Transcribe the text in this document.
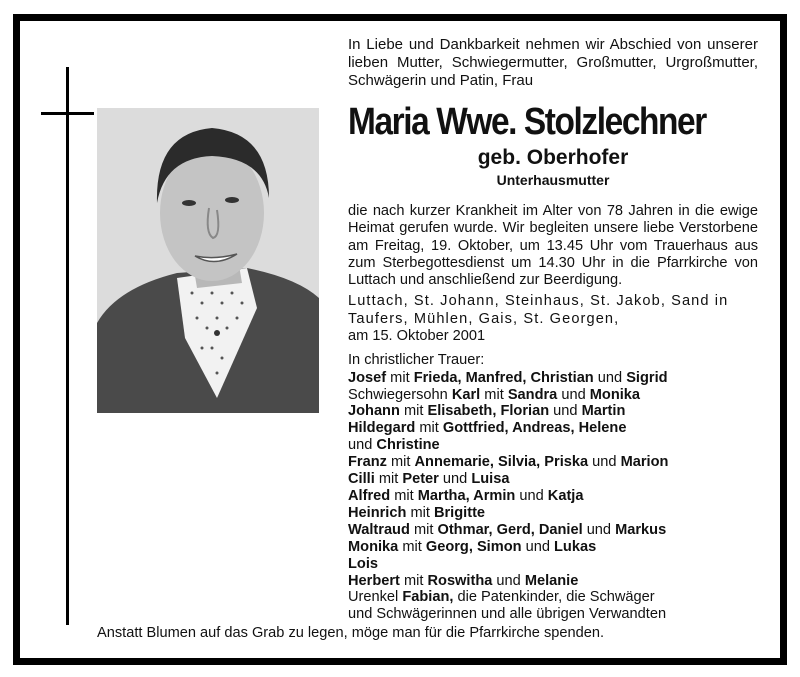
In Liebe und Dankbarkeit nehmen wir Abschied von unserer lieben Mutter, Schwiegermutter, Großmutter, Urgroßmutter, Schwägerin und Patin, Frau

Maria Wwe. Stolzlechner
geb. Oberhofer
Unterhausmutter
die nach kurzer Krankheit im Alter von 78 Jahren in die ewige Heimat gerufen wurde. Wir begleiten unsere liebe Verstorbene am Freitag, 19. Oktober, um 13.45 Uhr vom Trauerhaus aus zum Sterbegottesdienst um 14.30 Uhr in die Pfarrkirche von Luttach und anschließend zur Beerdigung.
Luttach, St. Johann, Steinhaus, St. Jakob, Sand in Taufers, Mühlen, Gais, St. Georgen,
am 15. Oktober 2001
In christlicher Trauer:
Josef mit Frieda, Manfred, Christian und Sigrid
Schwiegersohn Karl mit Sandra und Monika
Johann mit Elisabeth, Florian und Martin
Hildegard mit Gottfried, Andreas, Helene
und Christine
Franz mit Annemarie, Silvia, Priska und Marion
Cilli mit Peter und Luisa
Alfred mit Martha, Armin und Katja
Heinrich mit Brigitte
Waltraud mit Othmar, Gerd, Daniel und Markus
Monika mit Georg, Simon und Lukas
Lois
Herbert mit Roswitha und Melanie
Urenkel Fabian, die Patenkinder, die Schwäger
und Schwägerinnen und alle übrigen Verwandten
Anstatt Blumen auf das Grab zu legen, möge man für die Pfarrkirche spenden.
